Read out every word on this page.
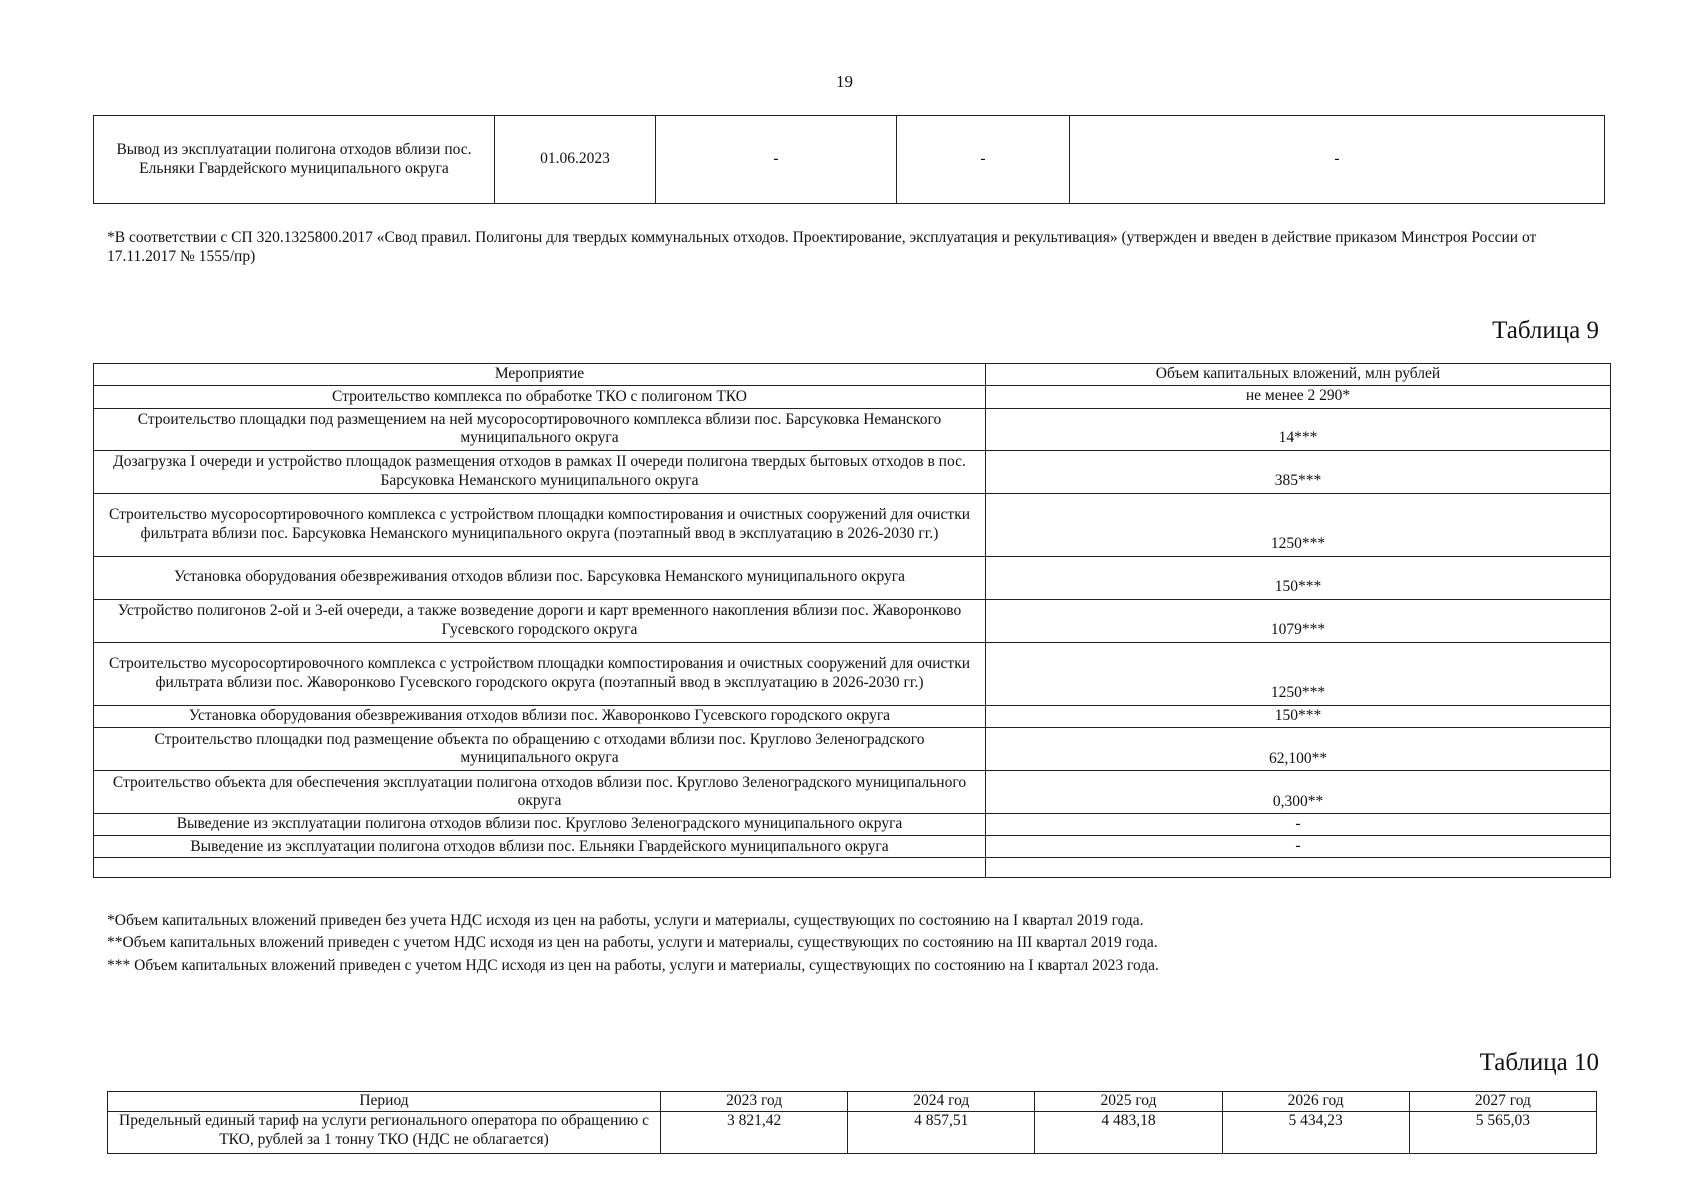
19
Вывод из эксплуатации полигона отходов вблизи пос. Ельняки Гвардейского муниципального округа	01.06.2023	-	-	-
*В соответствии с СП 320.1325800.2017 «Свод правил. Полигоны для твердых коммунальных отходов. Проектирование, эксплуатация и рекультивация» (утвержден и введен в действие приказом Минстроя России от 17.11.2017 № 1555/пр)
Таблица 9
Мероприятие	Объем капитальных вложений, млн рублей
Строительство комплекса по обработке ТКО с полигоном ТКО	не менее 2 290*
Строительство площадки под размещением на ней мусоросортировочного комплекса вблизи пос. Барсуковка Неманского муниципального округа	14***
Дозагрузка I очереди и устройство площадок размещения отходов в рамках II очереди полигона твердых бытовых отходов в пос. Барсуковка Неманского муниципального округа	385***
Строительство мусоросортировочного комплекса с устройством площадки компостирования и очистных сооружений для очистки фильтрата вблизи пос. Барсуковка Неманского муниципального округа (поэтапный ввод в эксплуатацию в 2026-2030 гг.)	1250***
Установка оборудования обезвреживания отходов вблизи пос. Барсуковка Неманского муниципального округа	150***
Устройство полигонов 2-ой и 3-ей очереди, а также возведение дороги и карт временного накопления вблизи пос. Жаворонково Гусевского городского округа	1079***
Строительство мусоросортировочного комплекса с устройством площадки компостирования и очистных сооружений для очистки фильтрата вблизи пос. Жаворонково Гусевского городского округа (поэтапный ввод в эксплуатацию в 2026-2030 гг.)	1250***
Установка оборудования обезвреживания отходов вблизи пос. Жаворонково Гусевского городского округа	150***
Строительство площадки под размещение объекта по обращению с отходами вблизи пос. Круглово Зеленоградского муниципального округа	62,100**
Строительство объекта для обеспечения эксплуатации полигона отходов вблизи пос. Круглово Зеленоградского муниципального округа	0,300**
Выведение из эксплуатации полигона отходов вблизи пос. Круглово Зеленоградского муниципального округа	-
Выведение из эксплуатации полигона отходов вблизи пос. Ельняки Гвардейского муниципального округа	-

*Объем капитальных вложений приведен без учета НДС исходя из цен на работы, услуги и материалы, существующих по состоянию на I квартал 2019 года.
**Объем капитальных вложений приведен с учетом НДС исходя из цен на работы, услуги и материалы, существующих по состоянию на III квартал 2019 года.
*** Объем капитальных вложений приведен с учетом НДС исходя из цен на работы, услуги и материалы, существующих по состоянию на I квартал 2023 года.
Таблица 10
Период	2023 год	2024 год	2025 год	2026 год	2027 год
Предельный единый тариф на услуги регионального оператора по обращению с ТКО, рублей за 1 тонну ТКО (НДС не облагается)	3 821,42	4 857,51	4 483,18	5 434,23	5 565,03
